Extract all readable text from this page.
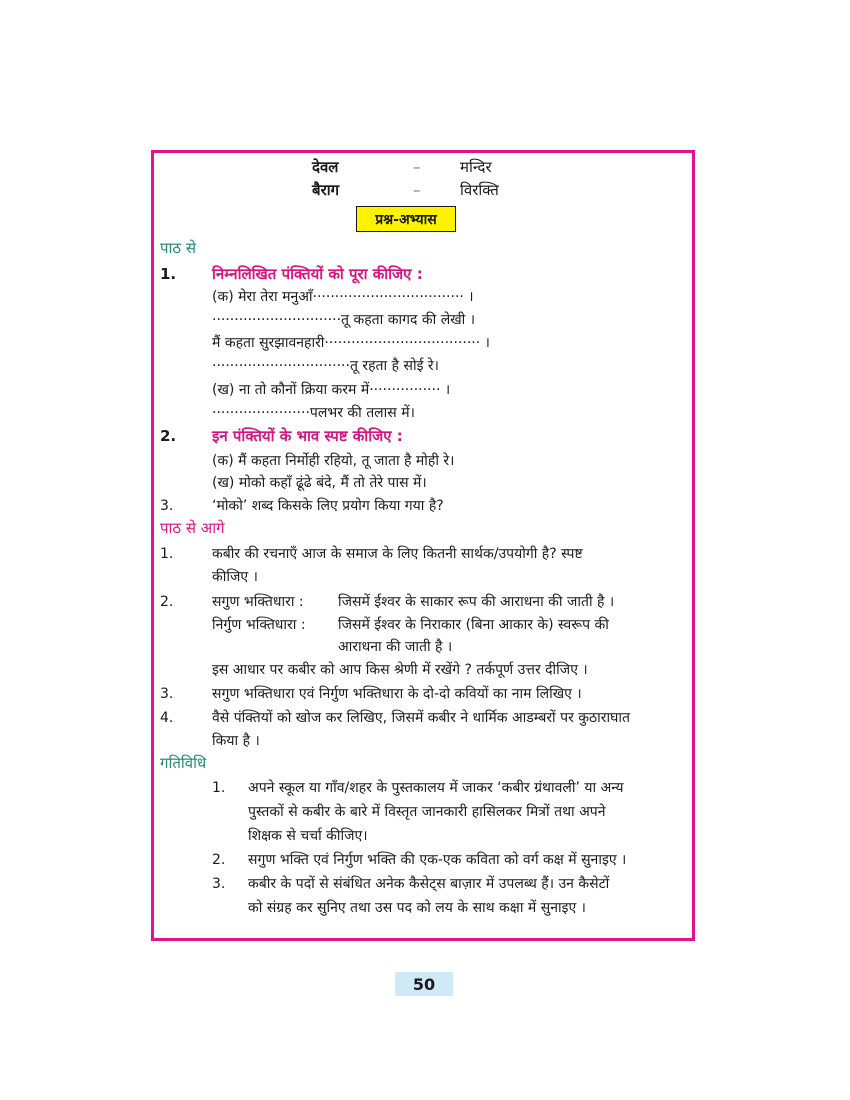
देवल	–	मन्दिर
बैराग	–	विरक्ति
प्रश्न-अभ्यास
पाठ से
1. निम्नलिखित पंक्तियों को पूरा कीजिए :
(क) मेरा तेरा मनुआँ·································· ।
·····························तू कहता कागद की लेखी ।
मैं कहता सुरझावनहारी··································· ।
·······························तू रहता है सोई रे।
(ख) ना तो कौनों क्रिया करम में················ ।
······················पलभर की तलास में।
2. इन पंक्तियों के भाव स्पष्ट कीजिए :
(क) मैं कहता निर्मोही रहियो, तू जाता है मोही रे।
(ख) मोको कहाँ ढूंढे बंदे, मैं तो तेरे पास में।
3.	‘मोको’ शब्द किसके लिए प्रयोग किया गया है?
पाठ से आगे
1.	कबीर की रचनाएँ आज के समाज के लिए कितनी सार्थक/उपयोगी है? स्पष्ट
कीजिए ।
2.	सगुण भक्तिधारा : जिसमें ईश्वर के साकार रूप की आराधना की जाती है ।
निर्गुण भक्तिधारा : जिसमें ईश्वर के निराकार (बिना आकार के) स्वरूप की
आराधना की जाती है ।
इस आधार पर कबीर को आप किस श्रेणी में रखेंगे ? तर्कपूर्ण उत्तर दीजिए ।
3.	सगुण भक्तिधारा एवं निर्गुण भक्तिधारा के दो-दो कवियों का नाम लिखिए ।
4.	वैसे पंक्तियों को खोज कर लिखिए, जिसमें कबीर ने धार्मिक आडम्बरों पर कुठाराघात
किया है ।
गतिविधि
1. अपने स्कूल या गाँव/शहर के पुस्तकालय में जाकर ‘कबीर ग्रंथावली’ या अन्य
पुस्तकों से कबीर के बारे में विस्तृत जानकारी हासिलकर मित्रों तथा अपने
शिक्षक से चर्चा कीजिए।
2. सगुण भक्ति एवं निर्गुण भक्ति की एक-एक कविता को वर्ग कक्ष में सुनाइए ।
3. कबीर के पदों से संबंधित अनेक कैसेट्स बाज़ार में उपलब्ध हैं। उन कैसेटों
को संग्रह कर सुनिए तथा उस पद को लय के साथ कक्षा में सुनाइए ।
50
